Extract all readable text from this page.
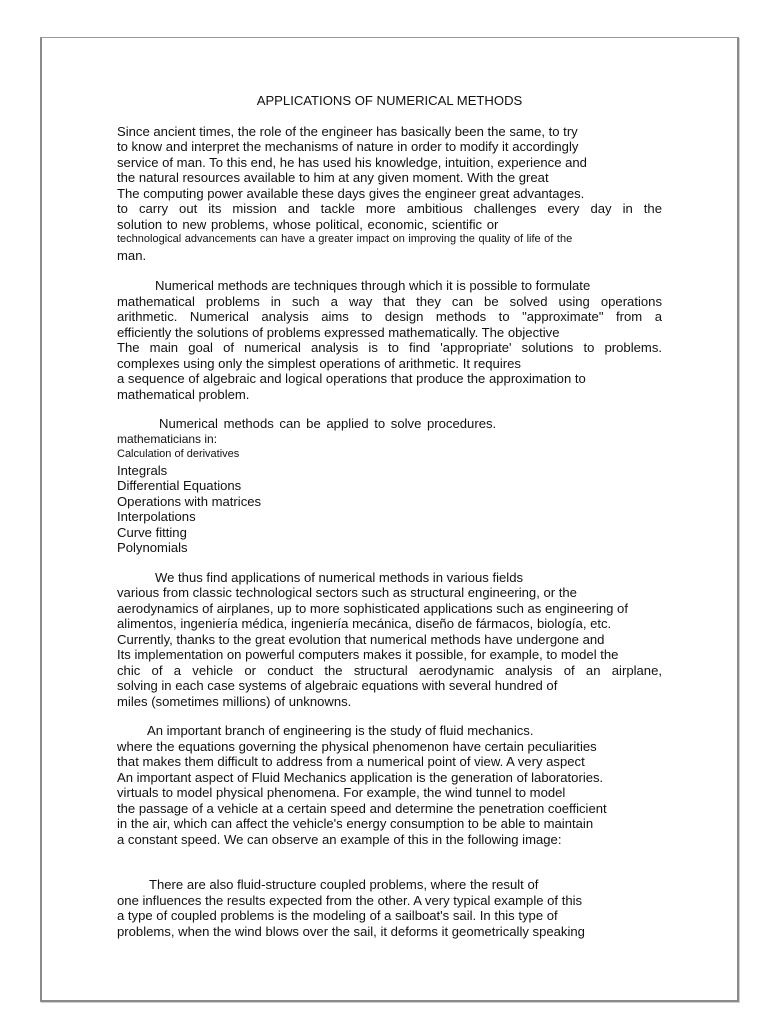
APPLICATIONS OF NUMERICAL METHODS
Since ancient times, the role of the engineer has basically been the same, to try
to know and interpret the mechanisms of nature in order to modify it accordingly
service of man. To this end, he has used his knowledge, intuition, experience and
the natural resources available to him at any given moment. With the great
The computing power available these days gives the engineer great advantages.
to carry out its mission and tackle more ambitious challenges every day in the
solution to new problems, whose political, economic, scientific or
technological advancements can have a greater impact on improving the quality of life of the
man.
Numerical methods are techniques through which it is possible to formulate
mathematical problems in such a way that they can be solved using operations
arithmetic. Numerical analysis aims to design methods to "approximate" from a
efficiently the solutions of problems expressed mathematically. The objective
The main goal of numerical analysis is to find 'appropriate' solutions to problems.
complexes using only the simplest operations of arithmetic. It requires
a sequence of algebraic and logical operations that produce the approximation to
mathematical problem.
Numerical methods can be applied to solve procedures.
mathematicians in:
Calculation of derivatives
Integrals
Differential Equations
Operations with matrices
Interpolations
Curve fitting
Polynomials
We thus find applications of numerical methods in various fields
various from classic technological sectors such as structural engineering, or the
aerodynamics of airplanes, up to more sophisticated applications such as engineering of
alimentos, ingeniería médica, ingeniería mecánica, diseño de fármacos, biología, etc.
Currently, thanks to the great evolution that numerical methods have undergone and
Its implementation on powerful computers makes it possible, for example, to model the
chic of a vehicle or conduct the structural aerodynamic analysis of an airplane,
solving in each case systems of algebraic equations with several hundred of
miles (sometimes millions) of unknowns.
An important branch of engineering is the study of fluid mechanics.
where the equations governing the physical phenomenon have certain peculiarities
that makes them difficult to address from a numerical point of view. A very aspect
An important aspect of Fluid Mechanics application is the generation of laboratories.
virtuals to model physical phenomena. For example, the wind tunnel to model
the passage of a vehicle at a certain speed and determine the penetration coefficient
in the air, which can affect the vehicle's energy consumption to be able to maintain
a constant speed. We can observe an example of this in the following image:
There are also fluid-structure coupled problems, where the result of
one influences the results expected from the other. A very typical example of this
a type of coupled problems is the modeling of a sailboat's sail. In this type of
problems, when the wind blows over the sail, it deforms it geometrically speaking
